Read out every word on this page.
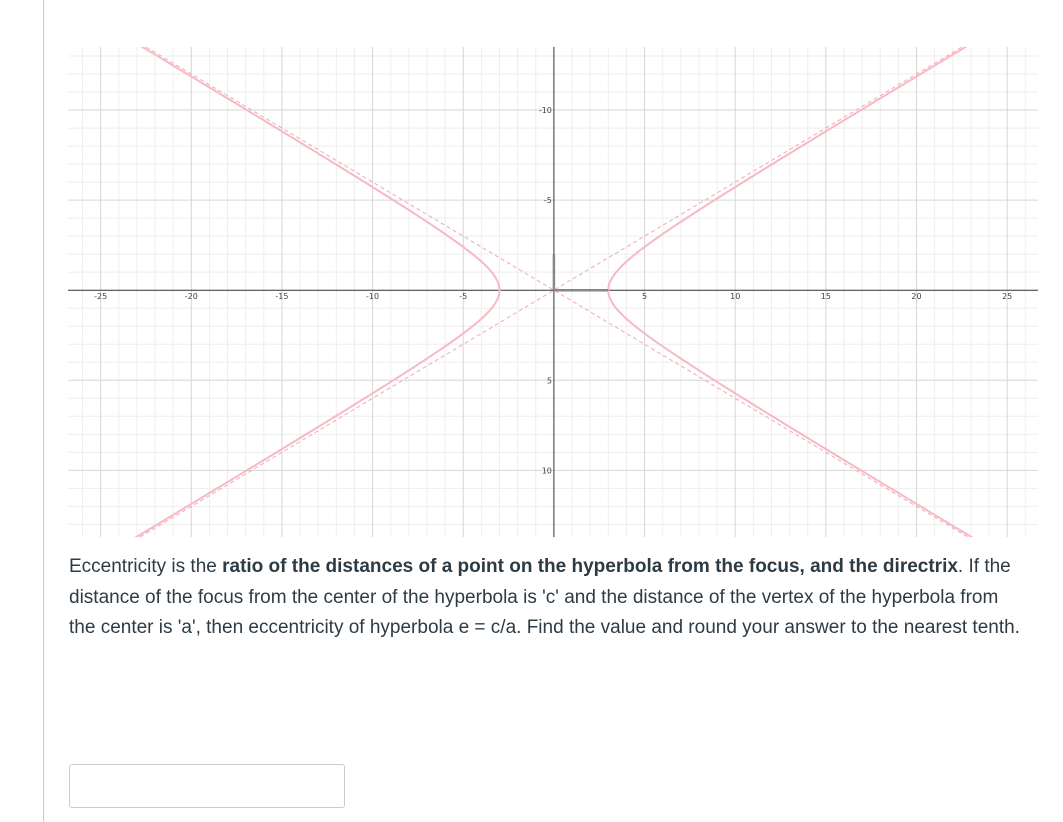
-25	-20	-15	-10	-5	5	10	15	20	25
10
5
-5
-10

Eccentricity is the ratio of the distances of a point on the hyperbola from the focus, and the directrix. If the distance of the focus from the center of the hyperbola is 'c' and the distance of the vertex of the hyperbola from the center is 'a', then eccentricity of hyperbola e = c/a. Find the value and round your answer to the nearest tenth.
